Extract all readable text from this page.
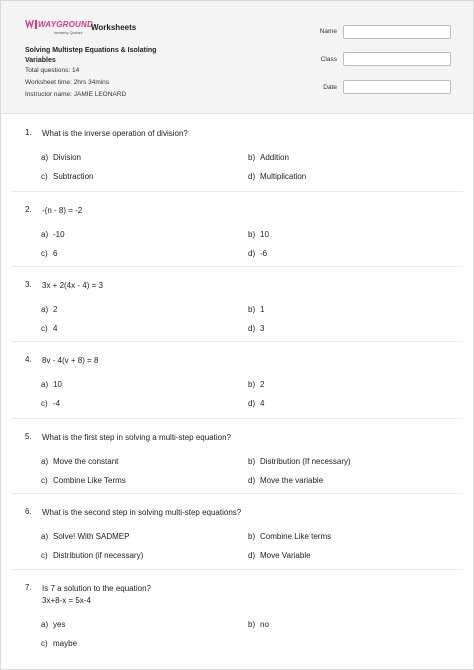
WAYGROUND
formerly Quizizz
Worksheets
Solving Multistep Equations & Isolating Variables
Total questions: 14
Worksheet time: 2hrs 34mins
Instructor name: JAMIE LEONARD
Name
Class
Date
1. What is the inverse operation of division?
a) Division	b) Addition
c) Subtraction	d) Multiplication
2. -(n - 8) = -2
a) -10	b) 10
c) 6	d) -6
3. 3x + 2(4x - 4) = 3
a) 2	b) 1
c) 4	d) 3
4. 8v - 4(v + 8) = 8
a) 10	b) 2
c) -4	d) 4
5. What is the first step in solving a multi-step equation?
a) Move the constant	b) Distribution (If necessary)
c) Combine Like Terms	d) Move the variable
6. What is the second step in solving multi-step equations?
a) Solve! With SADMEP	b) Combine Like terms
c) Distribution (if necessary)	d) Move Variable
7. Is 7 a solution to the equation?
3x+8-x = 5x-4
a) yes	b) no
c) maybe
